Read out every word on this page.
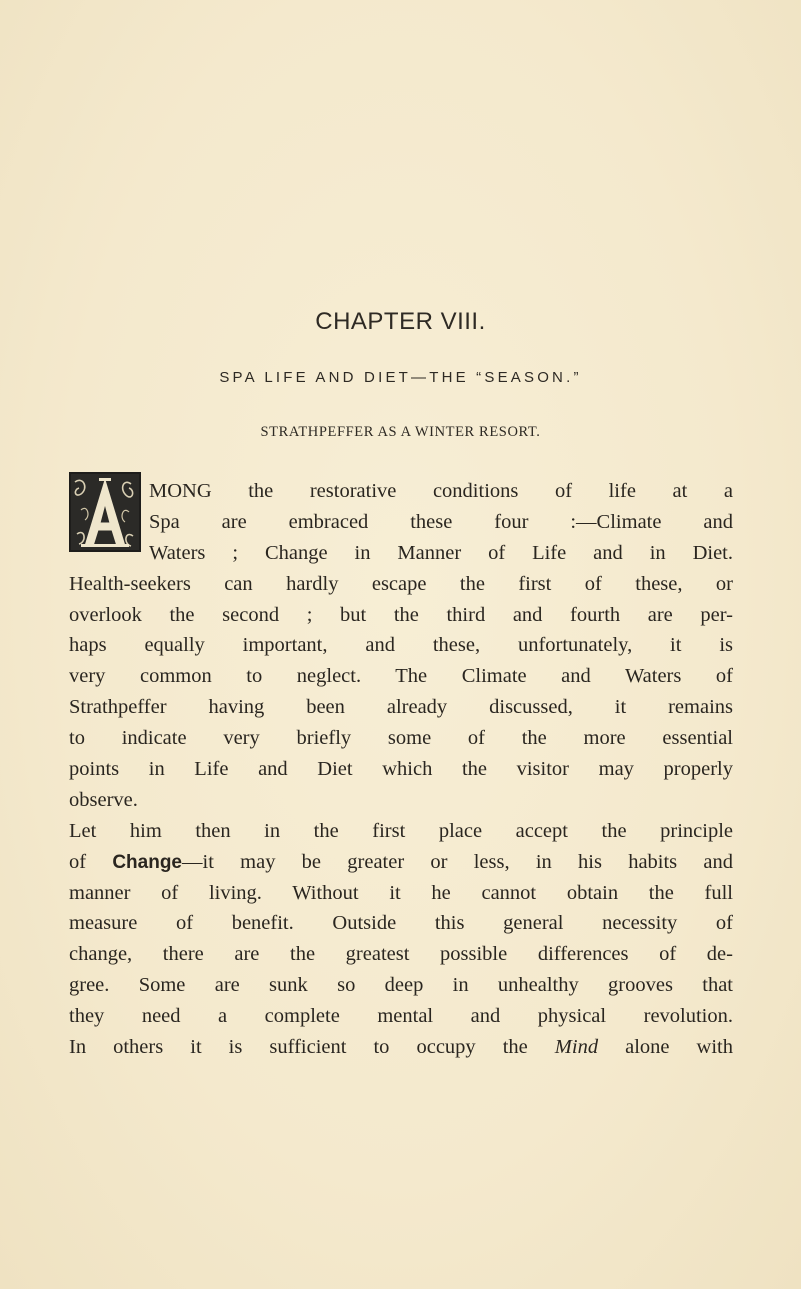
CHAPTER VIII.
SPA LIFE AND DIET—THE “SEASON.”
STRATHPEFFER AS A WINTER RESORT.
MONG the restorative conditions of life at a
Spa are embraced these four :—Climate and
Waters ; Change in Manner of Life and in Diet.
Health-seekers can hardly escape the first of these, or
overlook the second ; but the third and fourth are per-
haps equally important, and these, unfortunately, it is
very common to neglect. The Climate and Waters of
Strathpeffer having been already discussed, it remains
to indicate very briefly some of the more essential
points in Life and Diet which the visitor may properly
observe.
Let him then in the first place accept the principle
of Change—it may be greater or less, in his habits and
manner of living. Without it he cannot obtain the full
measure of benefit. Outside this general necessity of
change, there are the greatest possible differences of de-
gree. Some are sunk so deep in unhealthy grooves that
they need a complete mental and physical revolution.
In others it is sufficient to occupy the Mind alone with
